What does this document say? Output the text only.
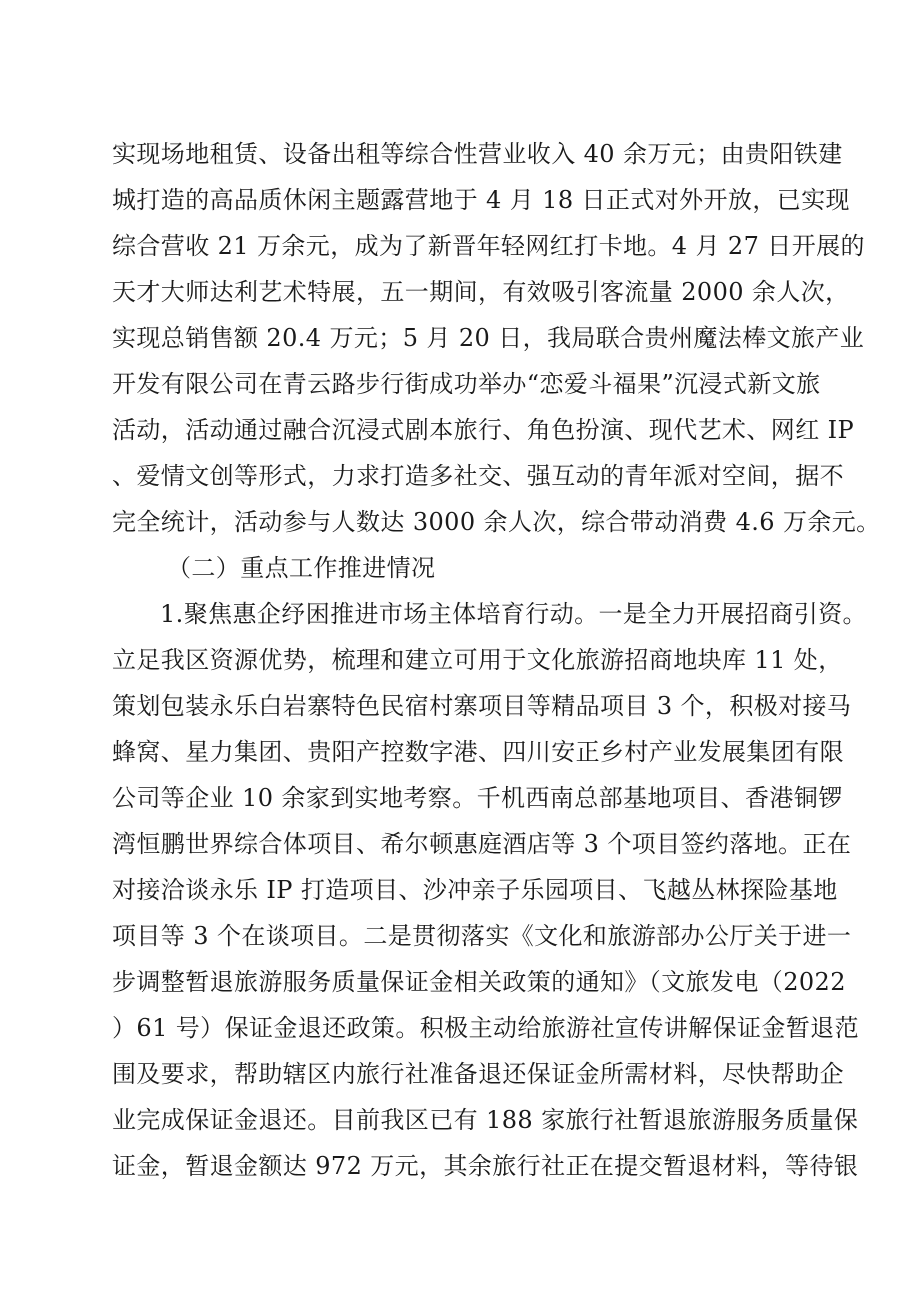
实现场地租赁、设备出租等综合性营业收入 40 余万元；由贵阳铁建
城打造的高品质休闲主题露营地于 4 月 18 日正式对外开放，已实现
综合营收 21 万余元，成为了新晋年轻网红打卡地。4 月 27 日开展的
天才大师达利艺术特展，五一期间，有效吸引客流量 2000 余人次，
实现总销售额 20.4 万元；5 月 20 日，我局联合贵州魔法棒文旅产业
开发有限公司在青云路步行街成功举办“恋爱斗福果”沉浸式新文旅
活动，活动通过融合沉浸式剧本旅行、角色扮演、现代艺术、网红 IP
、爱情文创等形式，力求打造多社交、强互动的青年派对空间，据不
完全统计，活动参与人数达 3000 余人次，综合带动消费 4.6 万余元。
（二）重点工作推进情况
1.聚焦惠企纾困推进市场主体培育行动。一是全力开展招商引资。
立足我区资源优势，梳理和建立可用于文化旅游招商地块库 11 处，
策划包装永乐白岩寨特色民宿村寨项目等精品项目 3 个，积极对接马
蜂窝、星力集团、贵阳产控数字港、四川安正乡村产业发展集团有限
公司等企业 10 余家到实地考察。千机西南总部基地项目、香港铜锣
湾恒鹏世界综合体项目、希尔顿惠庭酒店等 3 个项目签约落地。正在
对接洽谈永乐 IP 打造项目、沙冲亲子乐园项目、飞越丛林探险基地
项目等 3 个在谈项目。二是贯彻落实《文化和旅游部办公厅关于进一
步调整暂退旅游服务质量保证金相关政策的通知》（文旅发电（2022
）61 号）保证金退还政策。积极主动给旅游社宣传讲解保证金暂退范
围及要求，帮助辖区内旅行社准备退还保证金所需材料，尽快帮助企
业完成保证金退还。目前我区已有 188 家旅行社暂退旅游服务质量保
证金，暂退金额达 972 万元，其余旅行社正在提交暂退材料，等待银
